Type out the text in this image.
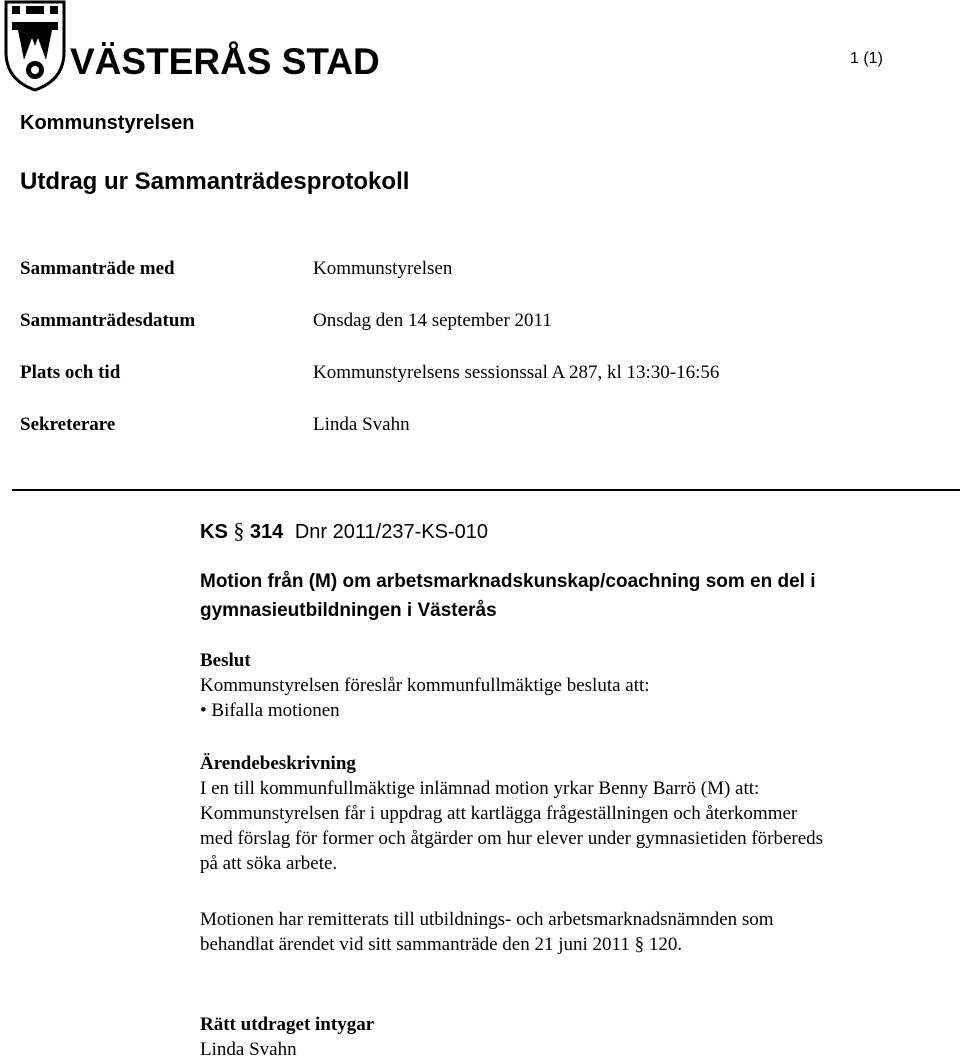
VÄSTERÅS STAD	1 (1)
Kommunstyrelsen
Utdrag ur Sammanträdesprotokoll
Sammanträde med	Kommunstyrelsen
Sammanträdesdatum	Onsdag den 14 september 2011
Plats och tid	Kommunstyrelsens sessionssal A 287, kl 13:30-16:56
Sekreterare	Linda Svahn
KS § 314 Dnr 2011/237-KS-010
Motion från (M) om arbetsmarknadskunskap/coachning som en del i
gymnasieutbildningen i Västerås
Beslut
Kommunstyrelsen föreslår kommunfullmäktige besluta att:
• Bifalla motionen
Ärendebeskrivning
I en till kommunfullmäktige inlämnad motion yrkar Benny Barrö (M) att:
Kommunstyrelsen får i uppdrag att kartlägga frågeställningen och återkommer
med förslag för former och åtgärder om hur elever under gymnasietiden förbereds
på att söka arbete.
Motionen har remitterats till utbildnings- och arbetsmarknadsnämnden som
behandlat ärendet vid sitt sammanträde den 21 juni 2011 § 120.
Rätt utdraget intygar
Linda Svahn
